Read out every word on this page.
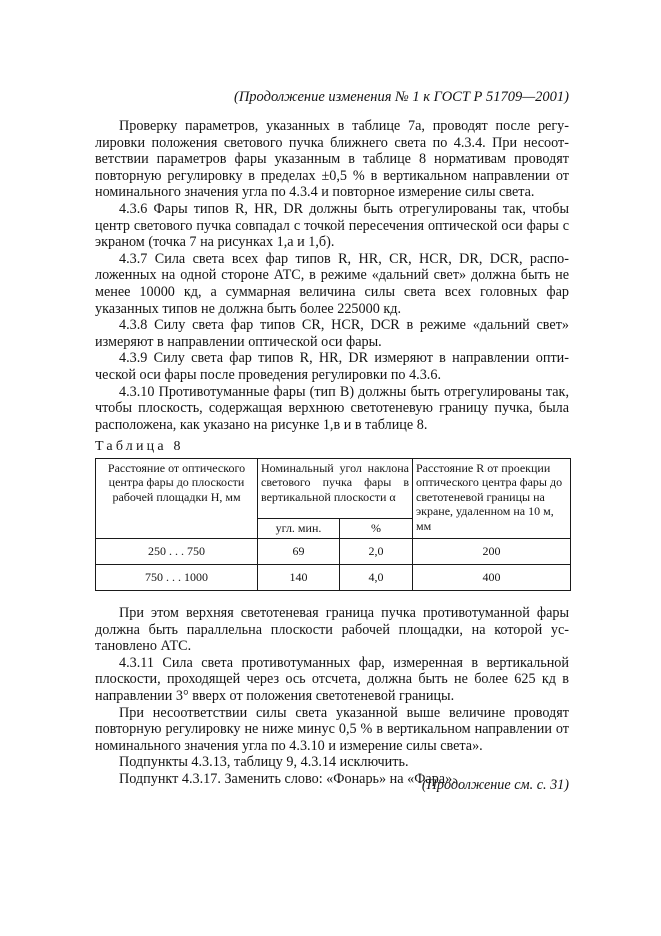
(Продолжение изменения № 1 к ГОСТ Р 51709—2001)

Проверку параметров, указанных в таблице 7а, проводят после регулировки положения светового пучка ближнего света по 4.3.4. При несоответствии параметров фары указанным в таблице 8 нормативам проводят повторную регулировку в пределах ±0,5 % в вертикальном направлении от номинального значения угла по 4.3.4 и повторное измерение силы света.

4.3.6 Фары типов R, HR, DR должны быть отрегулированы так, чтобы центр светового пучка совпадал с точкой пересечения оптической оси фары с экраном (точка 7 на рисунках 1,а и 1,б).

4.3.7 Сила света всех фар типов R, HR, CR, HCR, DR, DCR, расположенных на одной стороне АТС, в режиме «дальний свет» должна быть не менее 10000 кд, а суммарная величина силы света всех головных фар указанных типов не должна быть более 225000 кд.

4.3.8 Силу света фар типов CR, HCR, DCR в режиме «дальний свет» измеряют в направлении оптической оси фары.

4.3.9 Силу света фар типов R, HR, DR измеряют в направлении оптической оси фары после проведения регулировки по 4.3.6.

4.3.10 Противотуманные фары (тип В) должны быть отрегулированы так, чтобы плоскость, содержащая верхнюю светотеневую границу пучка, была расположена, как указано на рисунке 1,в и в таблице 8.

Таблица 8
Расстояние от оптического центра фары до плоскости рабочей площадки Н, мм	Номинальный угол наклона светового пучка фары в вертикальной плоскости α		Расстояние R от проекции оптического центра фары до светотеневой границы на экране, удаленном на 10 м, мм
	угл. мин.	%	
250 . . . 750	69	2,0	200
750 . . . 1000	140	4,0	400

При этом верхняя светотеневая граница пучка противотуманной фары должна быть параллельна плоскости рабочей площадки, на которой установлено АТС.

4.3.11 Сила света противотуманных фар, измеренная в вертикальной плоскости, проходящей через ось отсчета, должна быть не более 625 кд в направлении 3° вверх от положения светотеневой границы.

При несоответствии силы света указанной выше величине проводят повторную регулировку не ниже минус 0,5 % в вертикальном направлении от номинального значения угла по 4.3.10 и измерение силы света».

Подпункты 4.3.13, таблицу 9, 4.3.14 исключить.

Подпункт 4.3.17. Заменить слово: «Фонарь» на «Фара».

(Продолжение см. с. 31)
